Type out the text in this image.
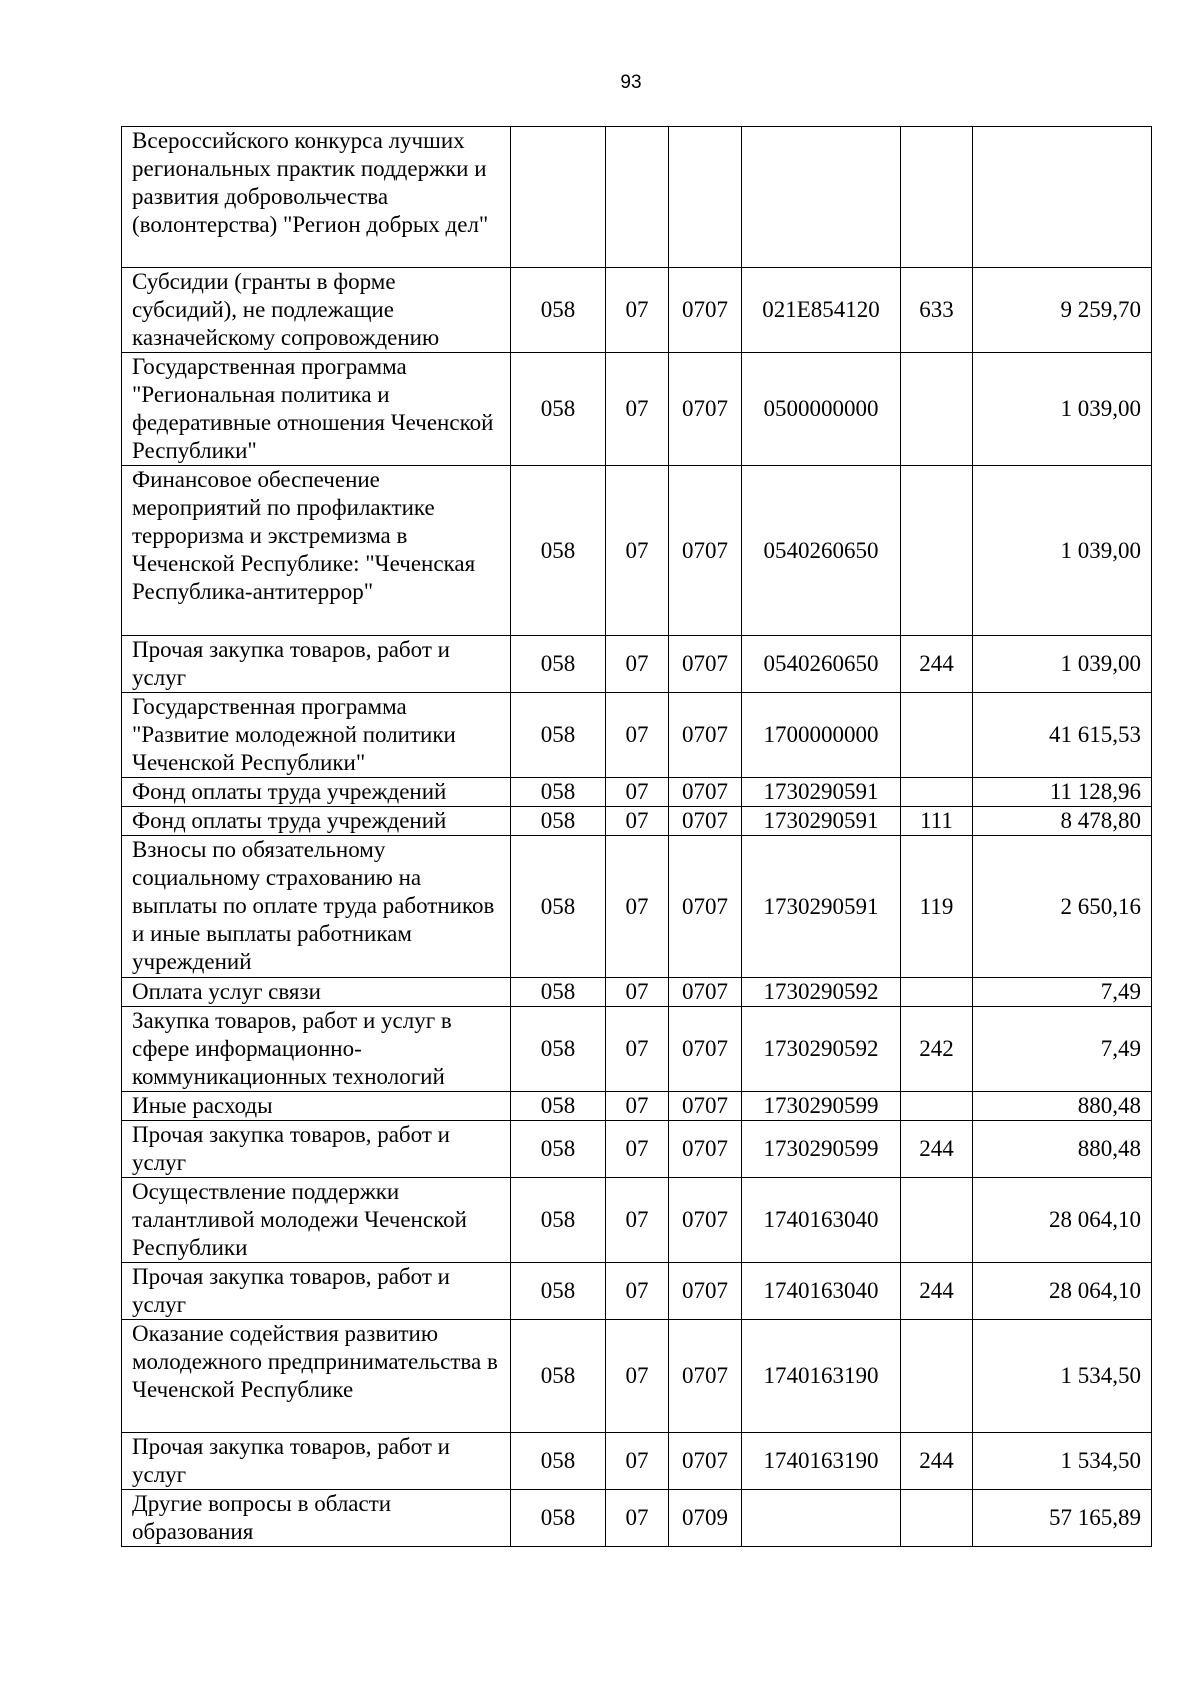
93
Всероссийского конкурса лучших региональных практик поддержки и развития добровольчества (волонтерства) "Регион добрых дел"						
Субсидии (гранты в форме субсидий), не подлежащие казначейскому сопровождению	058	07	0707	021E854120	633	9 259,70
Государственная программа "Региональная политика и федеративные отношения Чеченской Республики"	058	07	0707	0500000000		1 039,00
Финансовое обеспечение мероприятий по профилактике терроризма и экстремизма в Чеченской Республике: "Чеченская Республика-антитеррор"	058	07	0707	0540260650		1 039,00
Прочая закупка товаров, работ и услуг	058	07	0707	0540260650	244	1 039,00
Государственная программа "Развитие молодежной политики Чеченской Республики"	058	07	0707	1700000000		41 615,53
Фонд оплаты труда учреждений	058	07	0707	1730290591		11 128,96
Фонд оплаты труда учреждений	058	07	0707	1730290591	111	8 478,80
Взносы по обязательному социальному страхованию на выплаты по оплате труда работников и иные выплаты работникам учреждений	058	07	0707	1730290591	119	2 650,16
Оплата услуг связи	058	07	0707	1730290592		7,49
Закупка товаров, работ и услуг в сфере информационно-коммуникационных технологий	058	07	0707	1730290592	242	7,49
Иные расходы	058	07	0707	1730290599		880,48
Прочая закупка товаров, работ и услуг	058	07	0707	1730290599	244	880,48
Осуществление поддержки талантливой молодежи Чеченской Республики	058	07	0707	1740163040		28 064,10
Прочая закупка товаров, работ и услуг	058	07	0707	1740163040	244	28 064,10
Оказание содействия развитию молодежного предпринимательства в Чеченской Республике	058	07	0707	1740163190		1 534,50
Прочая закупка товаров, работ и услуг	058	07	0707	1740163190	244	1 534,50
Другие вопросы в области образования	058	07	0709			57 165,89
